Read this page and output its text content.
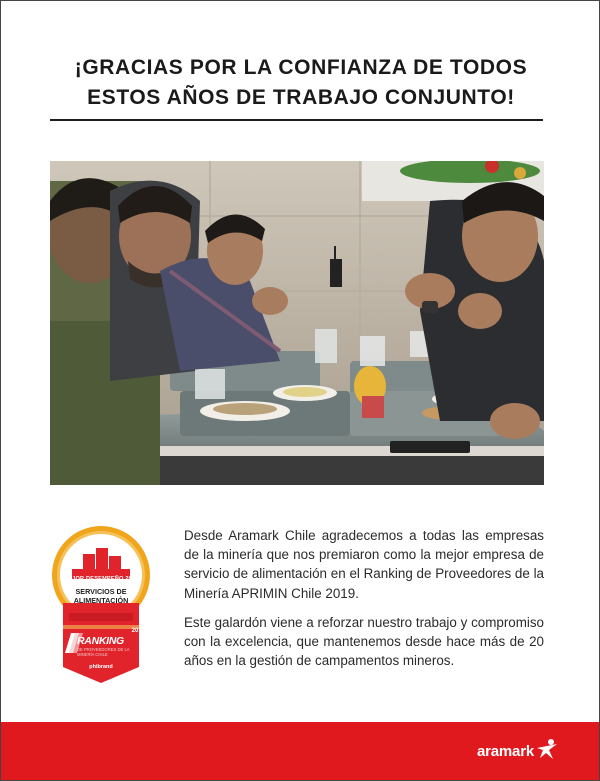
¡GRACIAS POR LA CONFIANZA DE TODOS
ESTOS AÑOS DE TRABAJO CONJUNTO!
MEJOR DESEMPEÑO 2019
SERVICIOS DE
ALIMENTACIÓN
2019
RANKING
DE PROVEEDORES DE LA MINERÍA CHILE
phibrand

Desde Aramark Chile agradecemos a todas las empresas de la minería que nos premiaron como la mejor empresa de servicio de alimentación en el Ranking de Proveedores de la Minería APRIMIN Chile 2019.

Este galardón viene a reforzar nuestro trabajo y compromiso con la excelencia, que mantenemos desde hace más de 20 años en la gestión de campamentos mineros.

aramark
